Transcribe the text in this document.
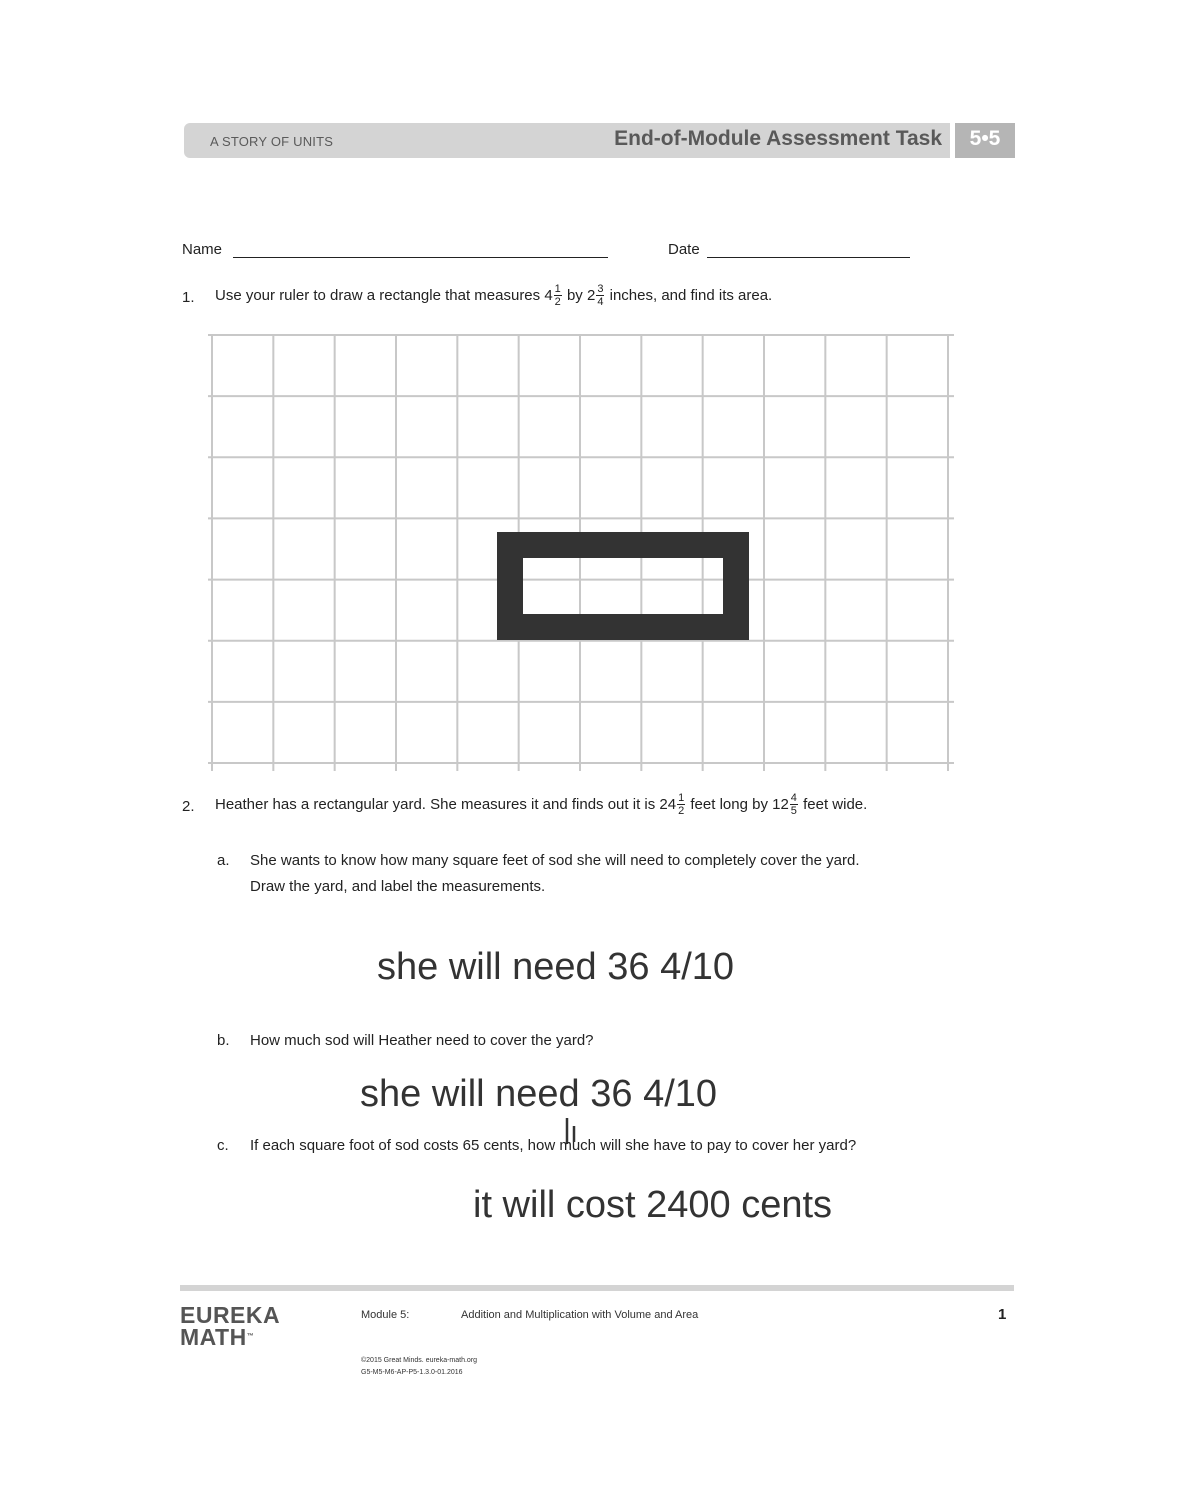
A STORY OF UNITS	End-of-Module Assessment Task	5•5
Name	Date
1. Use your ruler to draw a rectangle that measures $4 \frac{1}{2}$ by $2 \frac{3}{4}$ inches, and find its area.
2. Heather has a rectangular yard. She measures it and finds out it is $24 \frac{1}{2}$ feet long by $12 \frac{4}{5}$ feet wide.
a. She wants to know how many square feet of sod she will need to completely cover the yard.
Draw the yard, and label the measurements.
she will need 36 4/10
b. How much sod will Heather need to cover the yard?
she will need 36 4/10
c. If each square foot of sod costs 65 cents, how much will she have to pay to cover her yard?
it will cost 2400 cents
EUREKA
MATH™
Module 5:	Addition and Multiplication with Volume and Area	1
©2015 Great Minds. eureka-math.org
G5-M5-M6-AP-P5-1.3.0-01.2016
